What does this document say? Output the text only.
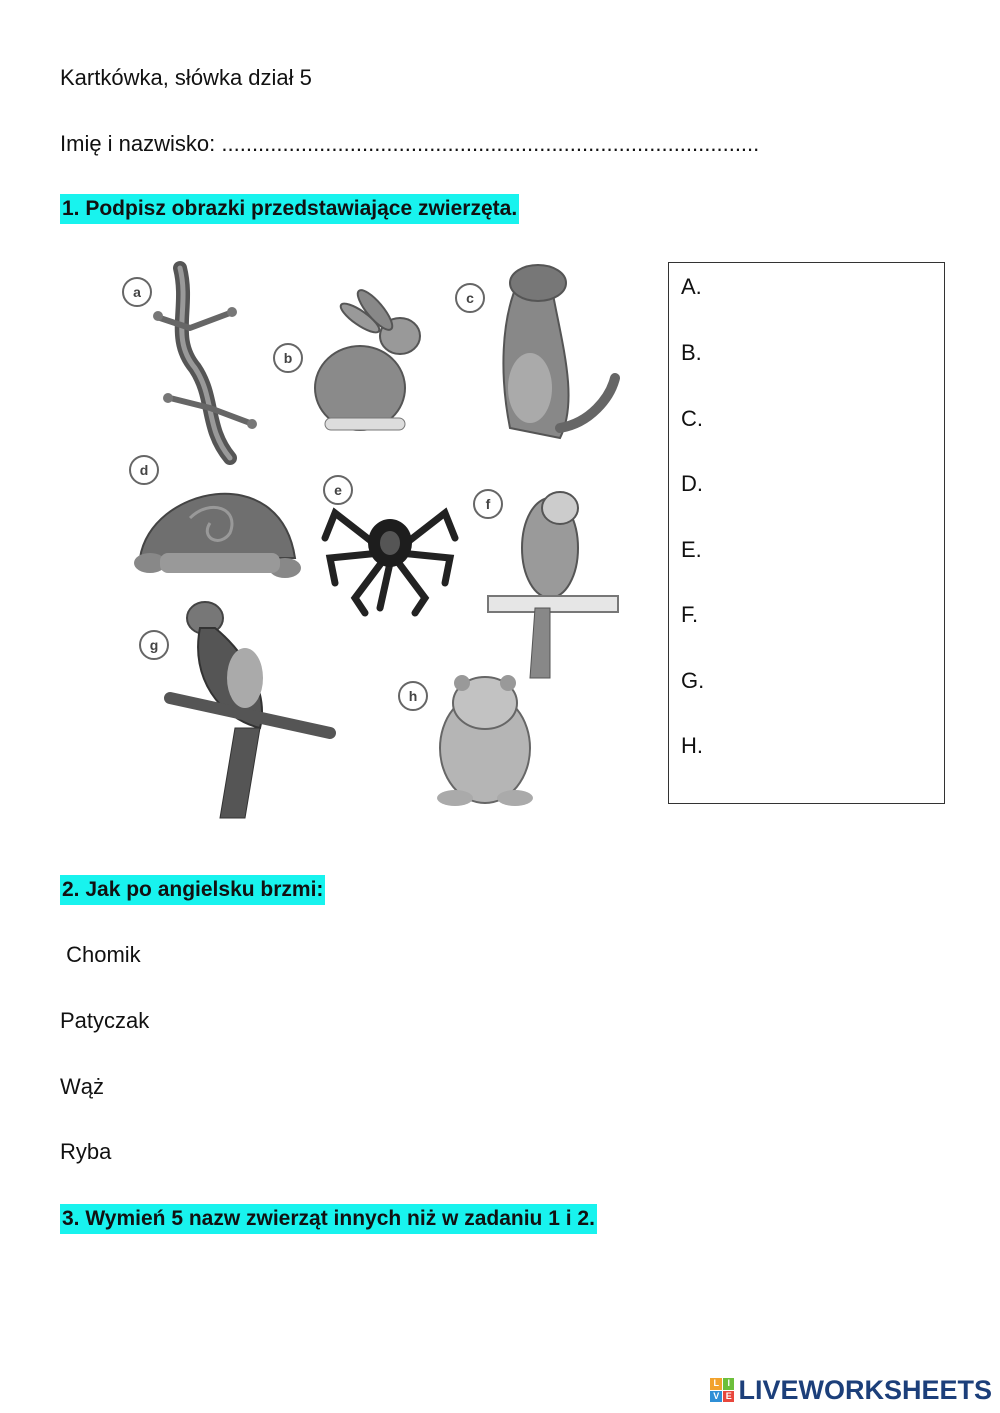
Kartkówka, słówka dział 5
Imię i nazwisko: ........................................................................................
1. Podpisz obrazki przedstawiające zwierzęta.
a
b
c
d
e
f
g
h
A.
B.
C.
D.
E.
F.
G.
H.
2. Jak po angielsku brzmi:
Chomik
Patyczak
Wąż
Ryba
3. Wymień 5 nazw zwierząt innych niż w zadaniu 1 i 2.
L I
V E LIVEWORKSHEETS
